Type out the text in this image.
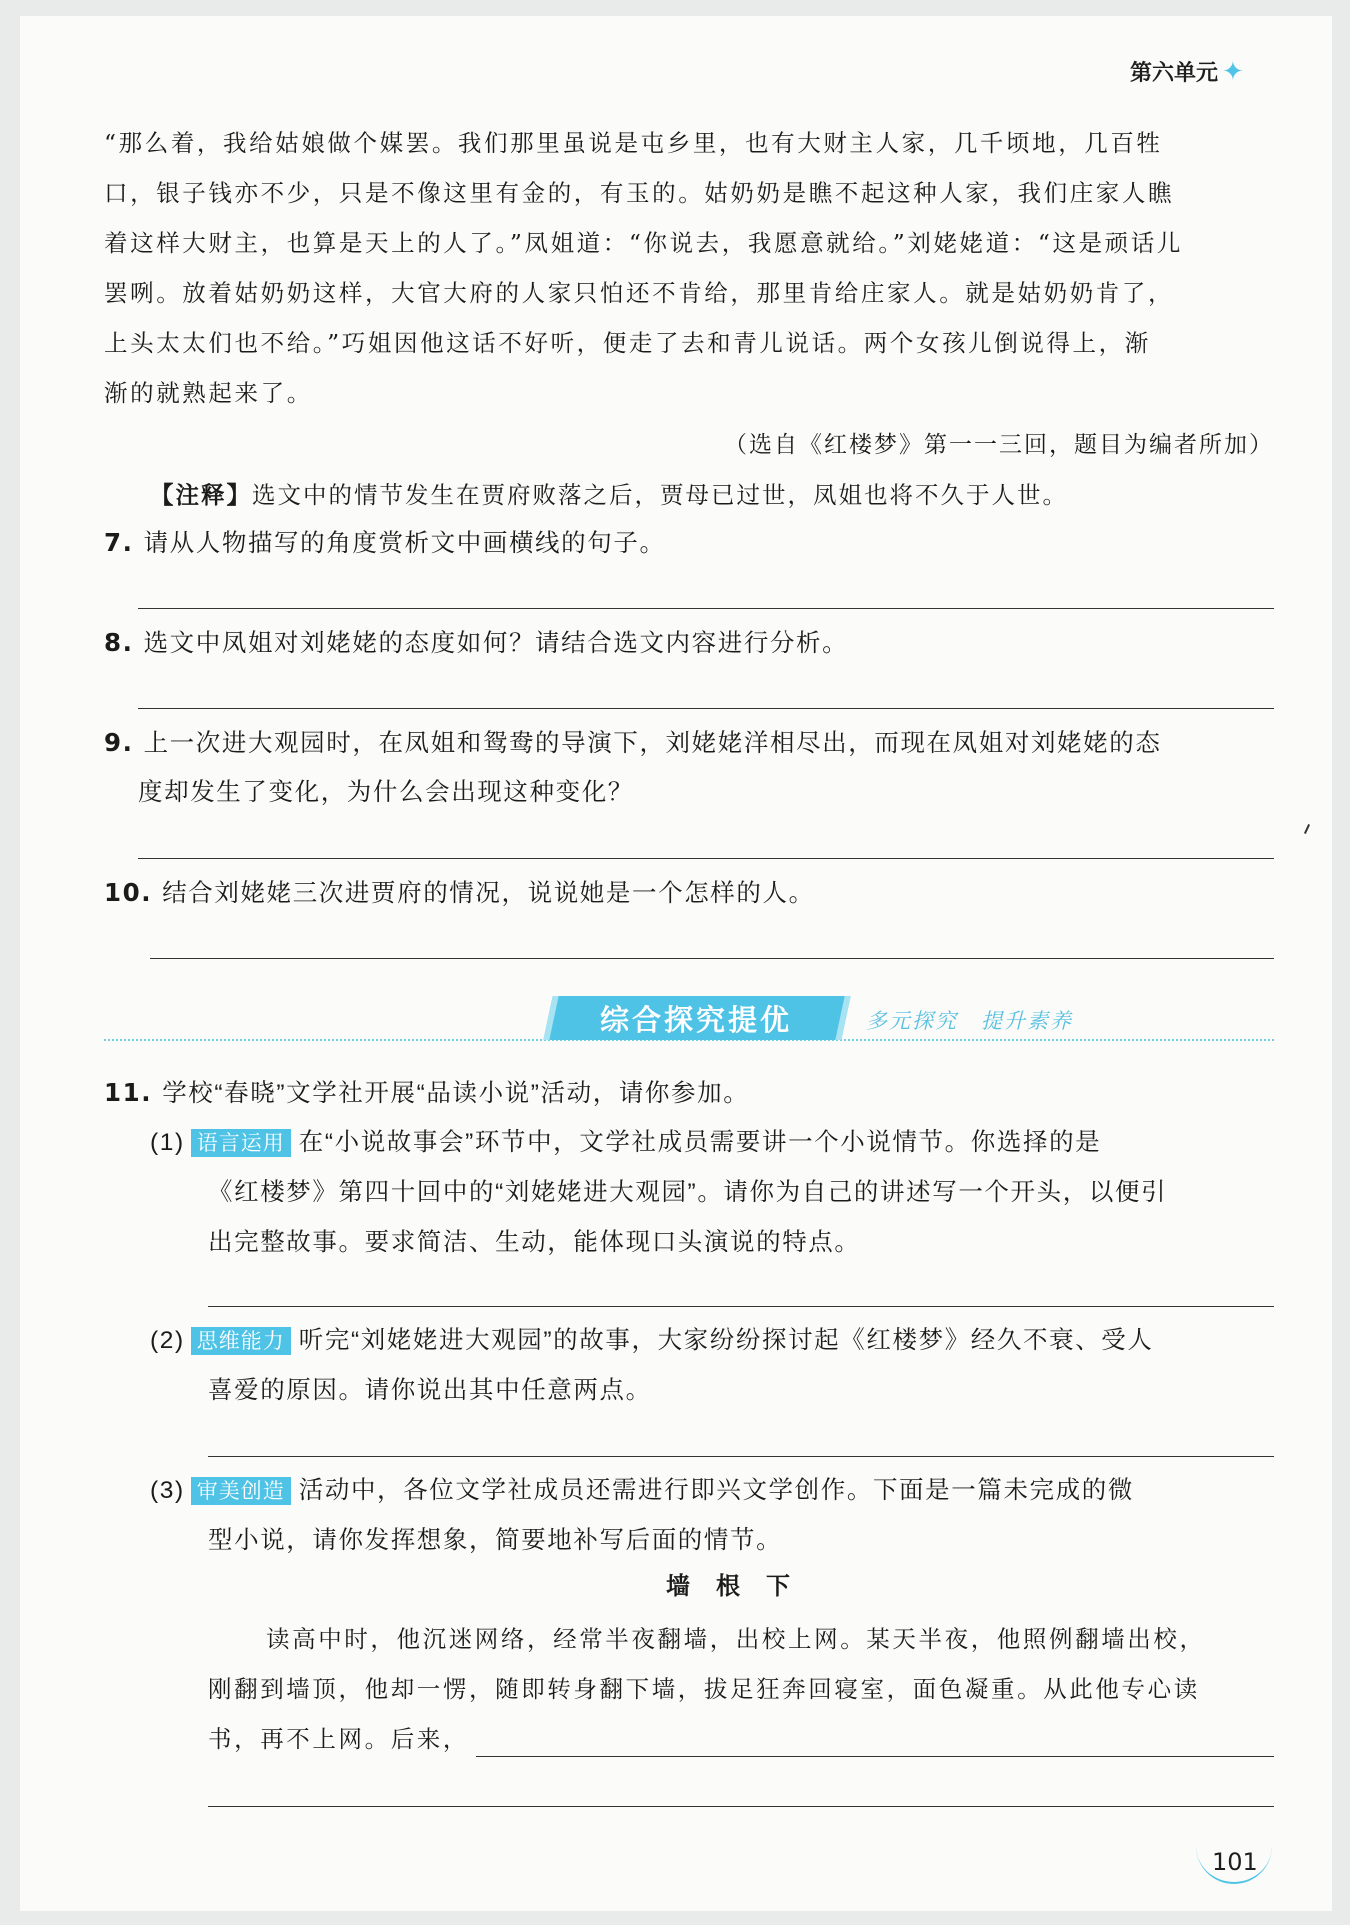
第六单元 ✦
“那么着，我给姑娘做个媒罢。我们那里虽说是屯乡里，也有大财主人家，几千顷地，几百牲
口，银子钱亦不少，只是不像这里有金的，有玉的。姑奶奶是瞧不起这种人家，我们庄家人瞧
着这样大财主，也算是天上的人了。”凤姐道：“你说去，我愿意就给。”刘姥姥道：“这是顽话儿
罢咧。放着姑奶奶这样，大官大府的人家只怕还不肯给，那里肯给庄家人。就是姑奶奶肯了，
上头太太们也不给。”巧姐因他这话不好听，便走了去和青儿说话。两个女孩儿倒说得上，渐
渐的就熟起来了。
（选自《红楼梦》第一一三回，题目为编者所加）
【注释】选文中的情节发生在贾府败落之后，贾母已过世，凤姐也将不久于人世。
7. 请从人物描写的角度赏析文中画横线的句子。
8. 选文中凤姐对刘姥姥的态度如何？请结合选文内容进行分析。
9. 上一次进大观园时，在凤姐和鸳鸯的导演下，刘姥姥洋相尽出，而现在凤姐对刘姥姥的态
度却发生了变化，为什么会出现这种变化？
10. 结合刘姥姥三次进贾府的情况，说说她是一个怎样的人。
综合探究提优	多元探究　提升素养
11. 学校“春晓”文学社开展“品读小说”活动，请你参加。
(1) 语言运用 在“小说故事会”环节中，文学社成员需要讲一个小说情节。你选择的是
《红楼梦》第四十回中的“刘姥姥进大观园”。请你为自己的讲述写一个开头，以便引
出完整故事。要求简洁、生动，能体现口头演说的特点。
(2) 思维能力 听完“刘姥姥进大观园”的故事，大家纷纷探讨起《红楼梦》经久不衰、受人
喜爱的原因。请你说出其中任意两点。
(3) 审美创造 活动中，各位文学社成员还需进行即兴文学创作。下面是一篇未完成的微
型小说，请你发挥想象，简要地补写后面的情节。
墙根下
读高中时，他沉迷网络，经常半夜翻墙，出校上网。某天半夜，他照例翻墙出校，
刚翻到墙顶，他却一愣，随即转身翻下墙，拔足狂奔回寝室，面色凝重。从此他专心读
书，再不上网。后来，
101
